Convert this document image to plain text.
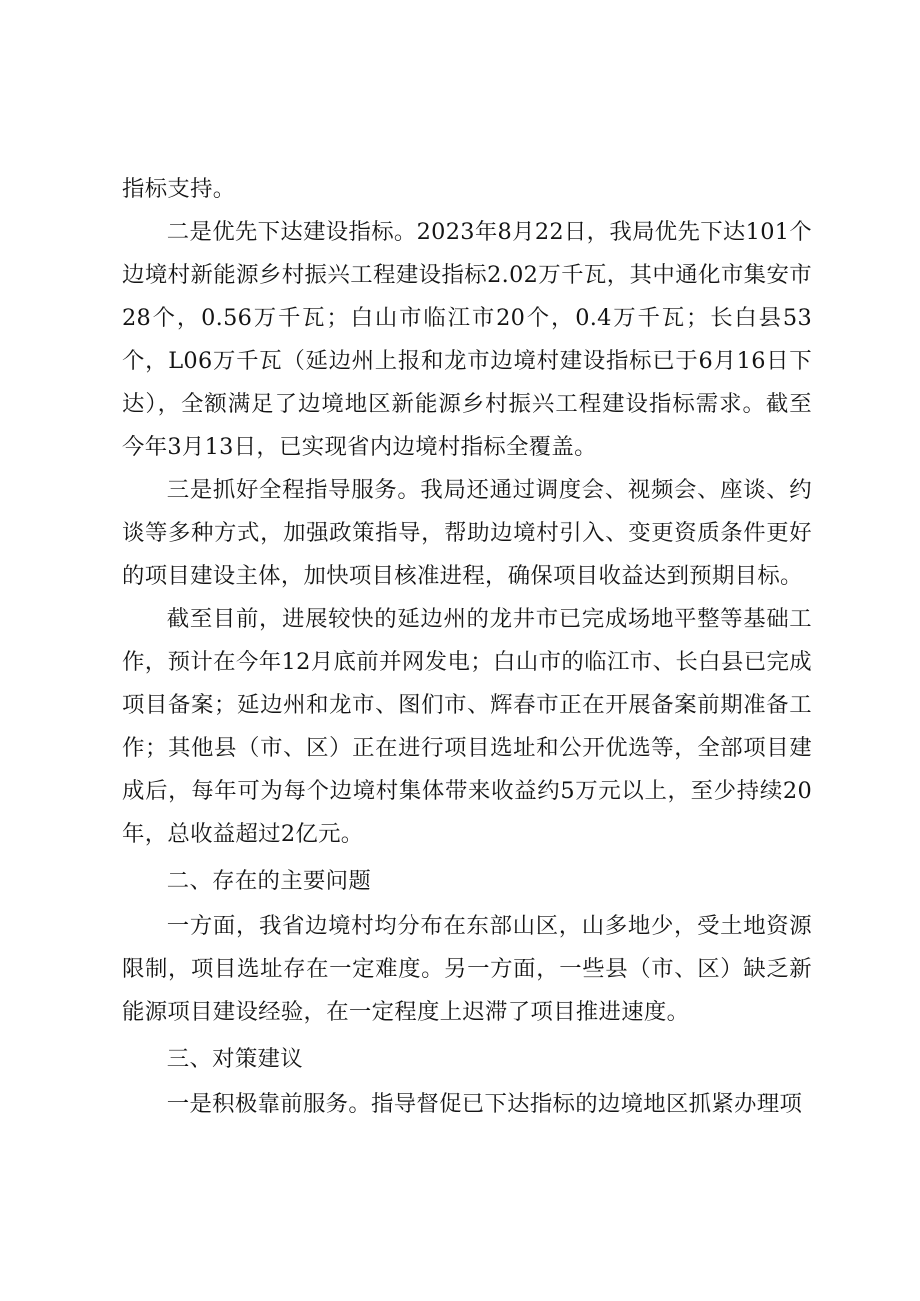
指标支持。

二是优先下达建设指标。2023年8月22日，我局优先下达101个边境村新能源乡村振兴工程建设指标2.02万千瓦，其中通化市集安市28个，0.56万千瓦；白山市临江市20个，0.4万千瓦；长白县53个，L06万千瓦（延边州上报和龙市边境村建设指标已于6月16日下达），全额满足了边境地区新能源乡村振兴工程建设指标需求。截至今年3月13日，已实现省内边境村指标全覆盖。

三是抓好全程指导服务。我局还通过调度会、视频会、座谈、约谈等多种方式，加强政策指导，帮助边境村引入、变更资质条件更好的项目建设主体，加快项目核准进程，确保项目收益达到预期目标。

截至目前，进展较快的延边州的龙井市已完成场地平整等基础工作，预计在今年12月底前并网发电；白山市的临江市、长白县已完成项目备案；延边州和龙市、图们市、辉春市正在开展备案前期准备工作；其他县（市、区）正在进行项目选址和公开优选等，全部项目建成后，每年可为每个边境村集体带来收益约5万元以上，至少持续20年，总收益超过2亿元。

二、存在的主要问题

一方面，我省边境村均分布在东部山区，山多地少，受土地资源限制，项目选址存在一定难度。另一方面，一些县（市、区）缺乏新能源项目建设经验，在一定程度上迟滞了项目推进速度。

三、对策建议

一是积极靠前服务。指导督促已下达指标的边境地区抓紧办理项
